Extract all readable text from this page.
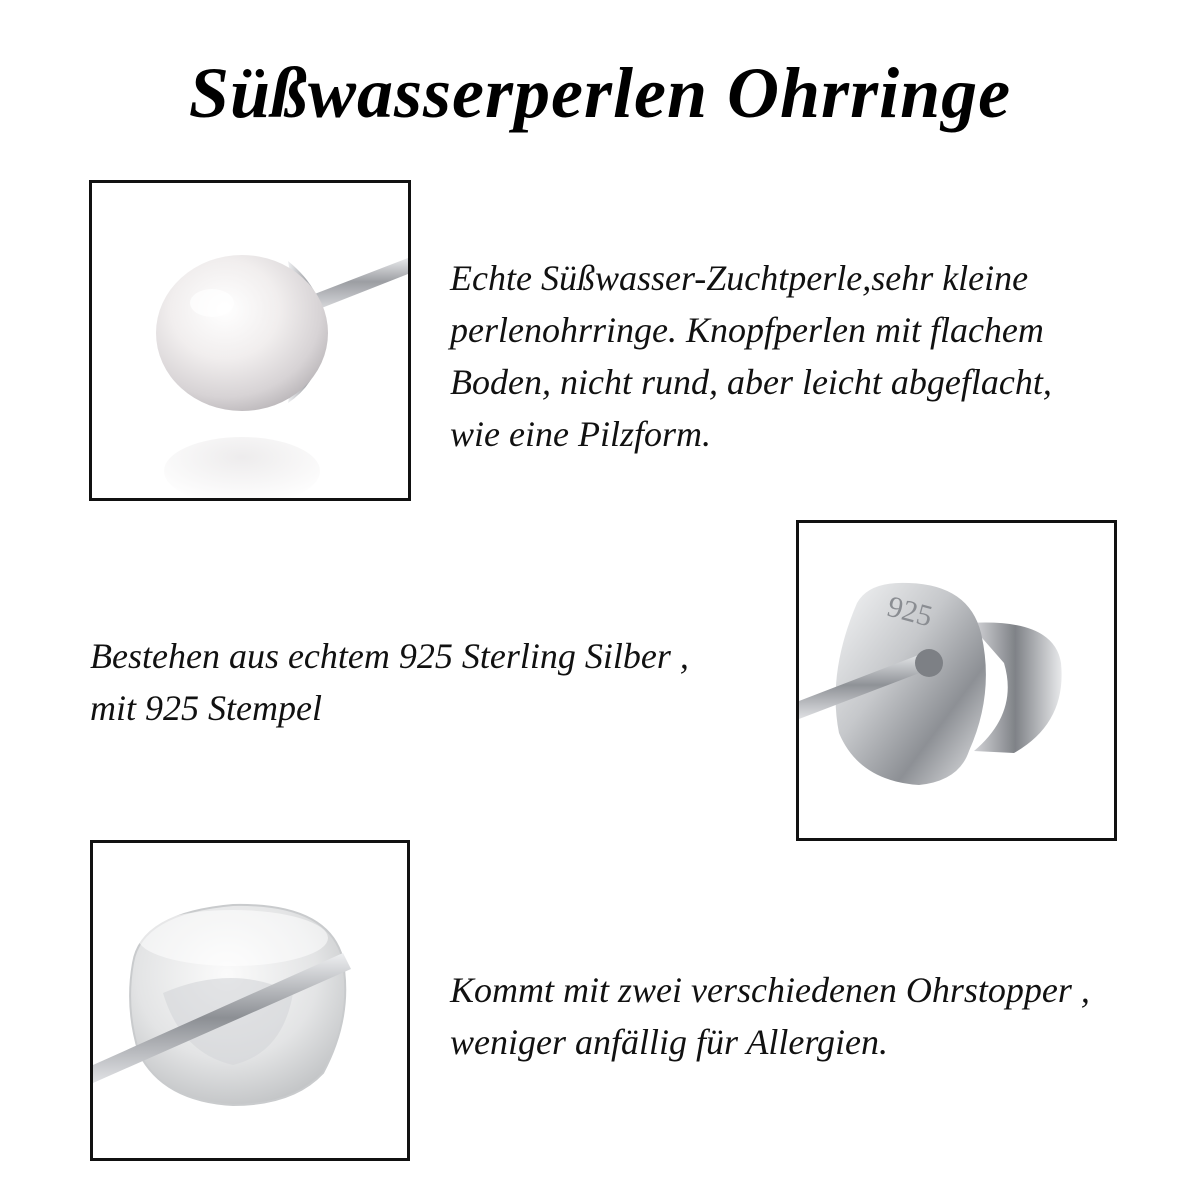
Süßwasserperlen Ohrringe
Echte Süßwasser-Zuchtperle,sehr kleine
perlenohrringe. Knopfperlen mit flachem
Boden, nicht rund, aber leicht abgeflacht,
wie eine Pilzform.
Bestehen aus echtem 925 Sterling Silber ,
mit 925 Stempel
925
Kommt mit zwei verschiedenen Ohrstopper ,
weniger anfällig für Allergien.
